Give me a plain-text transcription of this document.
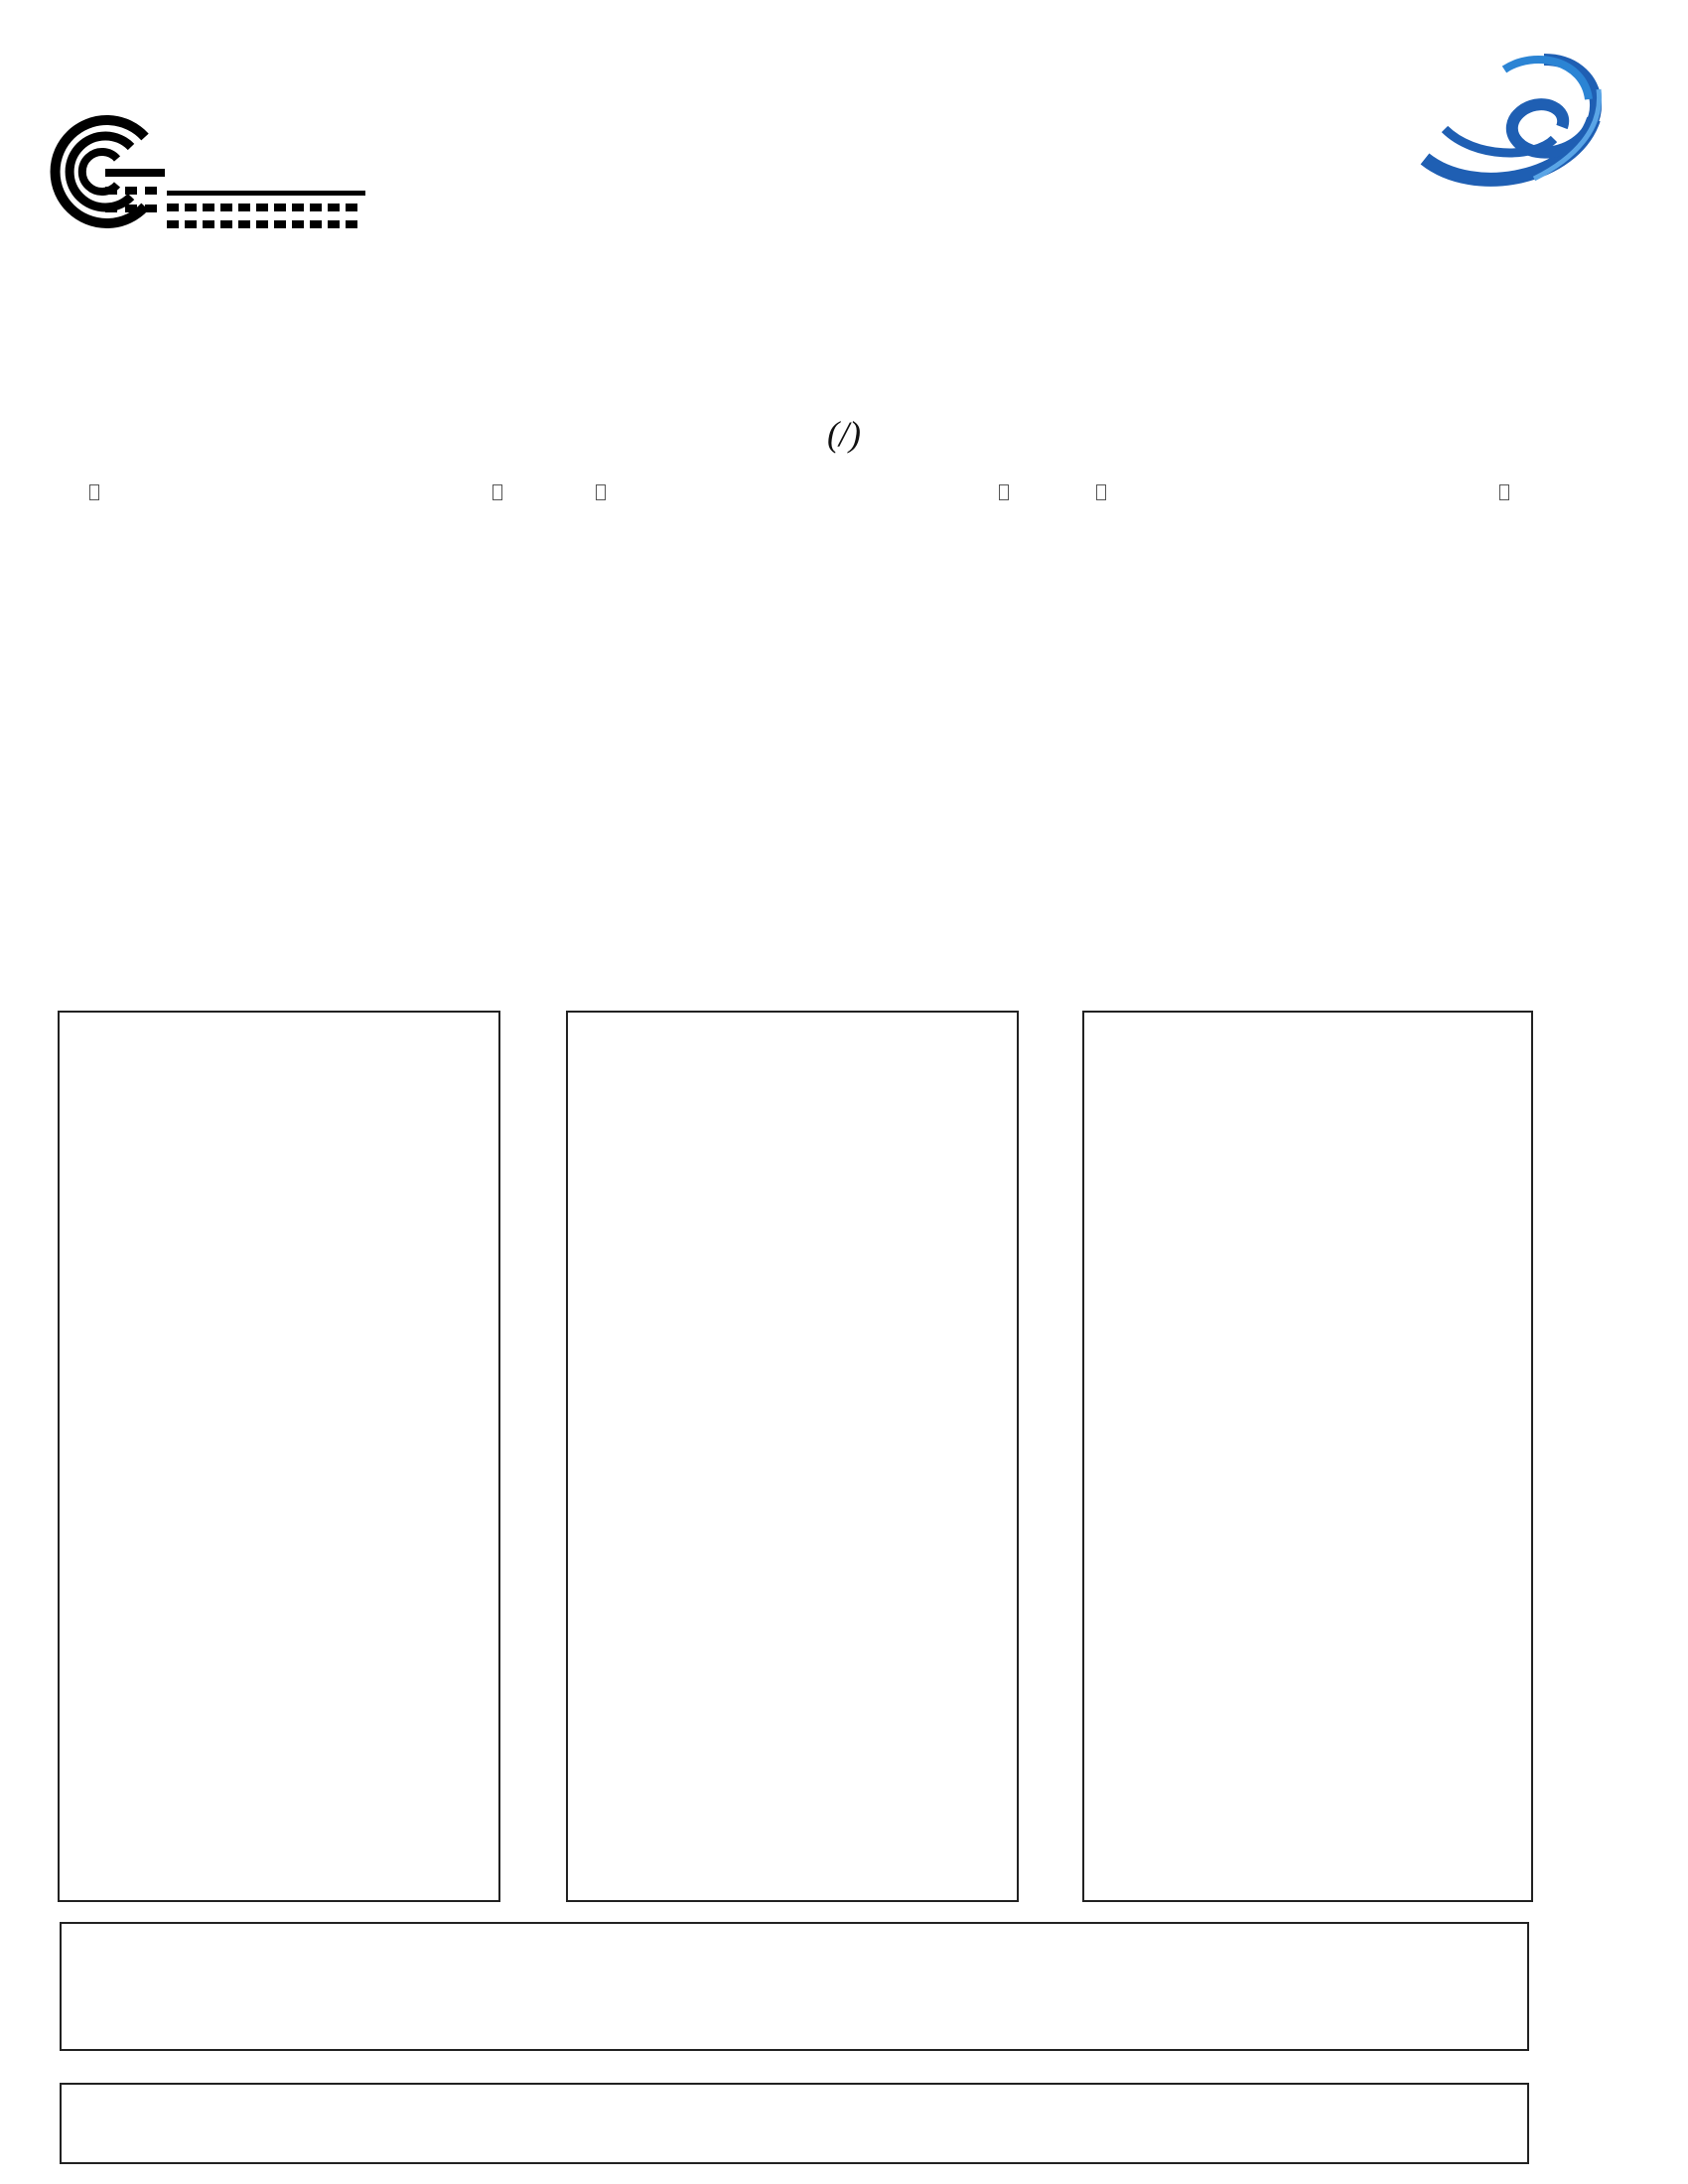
(/)
